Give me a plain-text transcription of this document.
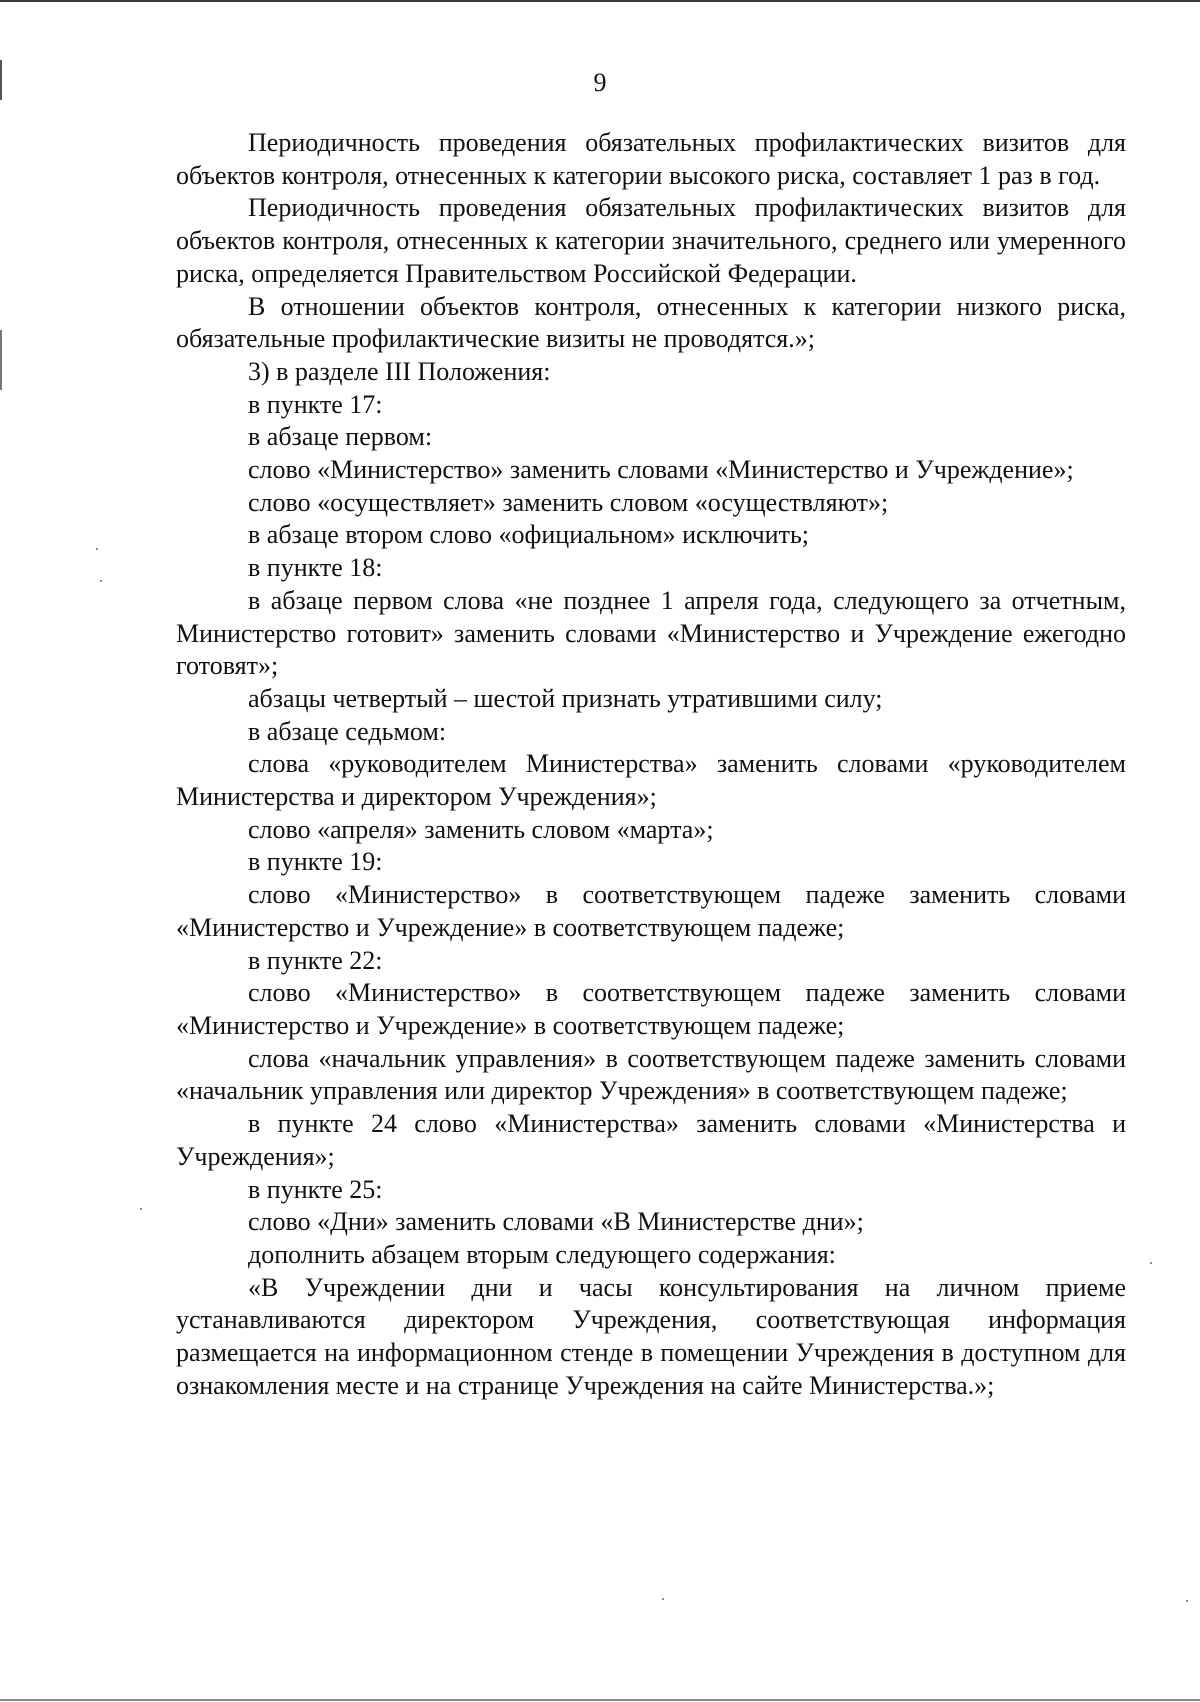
9

Периодичность проведения обязательных профилактических визитов для объектов контроля, отнесенных к категории высокого риска, составляет 1 раз в год.

Периодичность проведения обязательных профилактических визитов для объектов контроля, отнесенных к категории значительного, среднего или умеренного риска, определяется Правительством Российской Федерации.

В отношении объектов контроля, отнесенных к категории низкого риска, обязательные профилактические визиты не проводятся.»;

3) в разделе III Положения:

в пункте 17:

в абзаце первом:

слово «Министерство» заменить словами «Министерство и Учреждение»;

слово «осуществляет» заменить словом «осуществляют»;

в абзаце втором слово «официальном» исключить;

в пункте 18:

в абзаце первом слова «не позднее 1 апреля года, следующего за отчетным, Министерство готовит» заменить словами «Министерство и Учреждение ежегодно готовят»;

абзацы четвертый – шестой признать утратившими силу;

в абзаце седьмом:

слова «руководителем Министерства» заменить словами «руководителем Министерства и директором Учреждения»;

слово «апреля» заменить словом «марта»;

в пункте 19:

слово «Министерство» в соответствующем падеже заменить словами «Министерство и Учреждение» в соответствующем падеже;

в пункте 22:

слово «Министерство» в соответствующем падеже заменить словами «Министерство и Учреждение» в соответствующем падеже;

слова «начальник управления» в соответствующем падеже заменить словами «начальник управления или директор Учреждения» в соответствующем падеже;

в пункте 24 слово «Министерства» заменить словами «Министерства и Учреждения»;

в пункте 25:

слово «Дни» заменить словами «В Министерстве дни»;

дополнить абзацем вторым следующего содержания:

«В Учреждении дни и часы консультирования на личном приеме устанавливаются директором Учреждения, соответствующая информация размещается на информационном стенде в помещении Учреждения в доступном для ознакомления месте и на странице Учреждения на сайте Министерства.»;
